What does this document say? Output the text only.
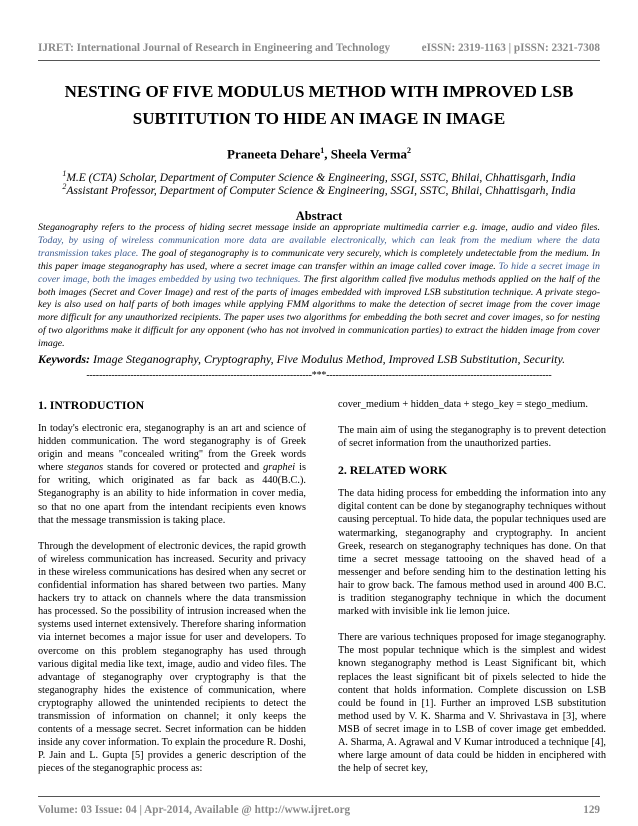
IJRET: International Journal of Research in Engineering and Technology	eISSN: 2319-1163 | pISSN: 2321-7308
NESTING OF FIVE MODULUS METHOD WITH IMPROVED LSB
SUBTITUTION TO HIDE AN IMAGE IN IMAGE
Praneeta Dehare$^1$, Sheela Verma$^2$
$^1$M.E (CTA) Scholar, Department of Computer Science & Engineering, SSGI, SSTC, Bhilai, Chhattisgarh, India
$^2$Assistant Professor, Department of Computer Science & Engineering, SSGI, SSTC, Bhilai, Chhattisgarh, India
Abstract
Steganography refers to the process of hiding secret message inside an appropriate multimedia carrier e.g. image, audio and video files. Today, by using of wireless communication more data are available electronically, which can leak from the medium where the data transmission takes place. The goal of steganography is to communicate very securely, which is completely undetectable from the medium. In this paper image steganography has used, where a secret image can transfer within an image called cover image. To hide a secret image in cover image, both the images embedded by using two techniques. The first algorithm called five modulus methods applied on the half of the both images (Secret and Cover Image) and rest of the parts of images embedded with improved LSB substitution technique. A private stego-key is also used on half parts of both images while applying FMM algorithms to make the detection of secret image from the cover image more difficult for any unauthorized recipients. The paper uses two algorithms for embedding the both secret and cover images, so for nesting of two algorithms make it difficult for any opponent (who has not involved in communication parties) to extract the hidden image from cover image.
Keywords: Image Steganography, Cryptography, Five Modulus Method, Improved LSB Substitution, Security.
------------------------------------------------------------------------***------------------------------------------------------------------------
1. INTRODUCTION

In today's electronic era, steganography is an art and science of hidden communication. The word steganography is of Greek origin and means "concealed writing" from the Greek words where steganos stands for covered or protected and graphei is for writing, which originated as far back as 440(B.C.). Steganography is an ability to hide information in cover media, so that no one apart from the intendant recipients even knows that the message transmission is taking place.

Through the development of electronic devices, the rapid growth of wireless communication has increased. Security and privacy in these wireless communications has desired when any secret or confidential information has shared between two parties. Many hackers try to attack on channels where the data transmission has processed. So the possibility of intrusion increased when the systems used internet extensively. Therefore sharing information via internet becomes a major issue for user and developers. To overcome on this problem steganography has used through various digital media like text, image, audio and video files. The advantage of steganography over cryptography is that the steganography hides the existence of communication, where cryptography allowed the unintended recipients to detect the transmission of information on channel; it only keeps the contents of a message secret. Secret information can be hidden inside any cover information. To explain the procedure R. Doshi, P. Jain and L. Gupta [5] provides a generic description of the pieces of the steganographic process as:

cover_medium + hidden_data + stego_key = stego_medium.

The main aim of using the steganography is to prevent detection of secret information from the unauthorized parties.

2. RELATED WORK

The data hiding process for embedding the information into any digital content can be done by steganography techniques without causing perceptual. To hide data, the popular techniques used are watermarking, steganography and cryptography. In ancient Greek, research on steganography techniques has done. On that time a secret message tattooing on the shaved head of a messenger and before sending him to the destination letting his hair to grow back. The famous method used in around 400 B.C. is tradition steganography technique in which the document marked with invisible ink lie lemon juice.

There are various techniques proposed for image steganography. The most popular technique which is the simplest and widest known steganography method is Least Significant bit, which replaces the least significant bit of pixels selected to hide the content that holds information. Complete discussion on LSB could be found in [1]. Further an improved LSB substitution method used by V. K. Sharma and V. Shrivastava in [3], where MSB of secret image in to LSB of cover image get embedded. A. Sharma, A. Agrawal and V Kumar introduced a technique [4], where large amount of data could be hidden in enciphered with the help of secret key,

Volume: 03 Issue: 04 | Apr-2014, Available @ http://www.ijret.org	129
